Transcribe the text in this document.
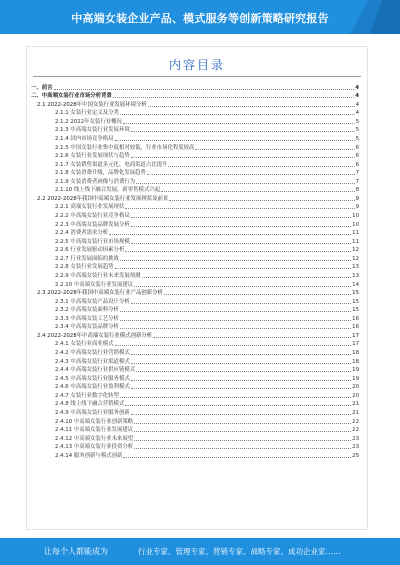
中高端女装企业产品、模式服务等创新策略研究报告
内容目录
一、前言	4
二、中高端女装行业市场分析背景	4
2.1 2022-2028年中国女装行业发展环境分析	4
2.1.1 女装行业定义及分类	4
2.1.2 2022年女装行业概况	5
2.1.3 中高端女装行业发展环境	5
2.1.4 国内市场竞争格局	5
2.1.5 中国女装行业集中度相对较低，行业市场化程度较高	6
2.1.6 女装行业发展现状与趋势	6
2.1.7 女装销售渠道多元化，电商渠道占比提升	6
2.1.8 女装消费升级，品牌化发展趋势	7
2.1.9 女装消费者画像与消费行为	7
2.1.10 线上线下融合发展，新零售模式兴起	8
2.2 2022-2028年我国中高端女装行业发展现状及前景	9
2.2.1 高端女装行业发展现状	9
2.2.2 中高端女装行业竞争格局	10
2.2.3 中高端女装品牌发展分析	10
2.2.4 消费者需求分析	11
2.2.5 中高端女装行业市场规模	11
2.2.6 行业发展驱动因素分析	12
2.2.7 行业发展面临的挑战	12
2.2.8 女装行业发展趋势	13
2.2.9 中高端女装行业未来发展预测	13
2.2.10 中高端女装行业发展建议	14
2.3 2022-2028年我国中高端女装行业产品创新分析	15
2.3.1 中高端女装产品设计分析	15
2.3.2 中高端女装面料分析	15
2.3.3 中高端女装工艺分析	16
2.3.4 中高端女装品牌分析	16
2.4 2022-2028年中高端女装行业模式创新分析	17
2.4.1 女装行业商业模式	17
2.4.2 中高端女装行业营销模式	18
2.4.3 中高端女装行业渠道模式	18
2.4.4 中高端女装行业供应链模式	19
2.4.5 中高端女装行业服务模式	19
2.4.6 中高端女装行业盈利模式	20
2.4.7 女装行业数字化转型	20
2.4.8 线上线下融合营销模式	21
2.4.9 中高端女装行业服务创新	21
2.4.10 中高端女装行业创新策略	22
2.4.11 中高端女装行业发展建议	22
2.4.12 中高端女装行业未来展望	23
2.4.13 中高端女装行业投资分析	23
2.4.14 服务创新与模式创新	25
让每个人都能成为	行业专家、管理专家、营销专家、战略专家、成功企业家……
